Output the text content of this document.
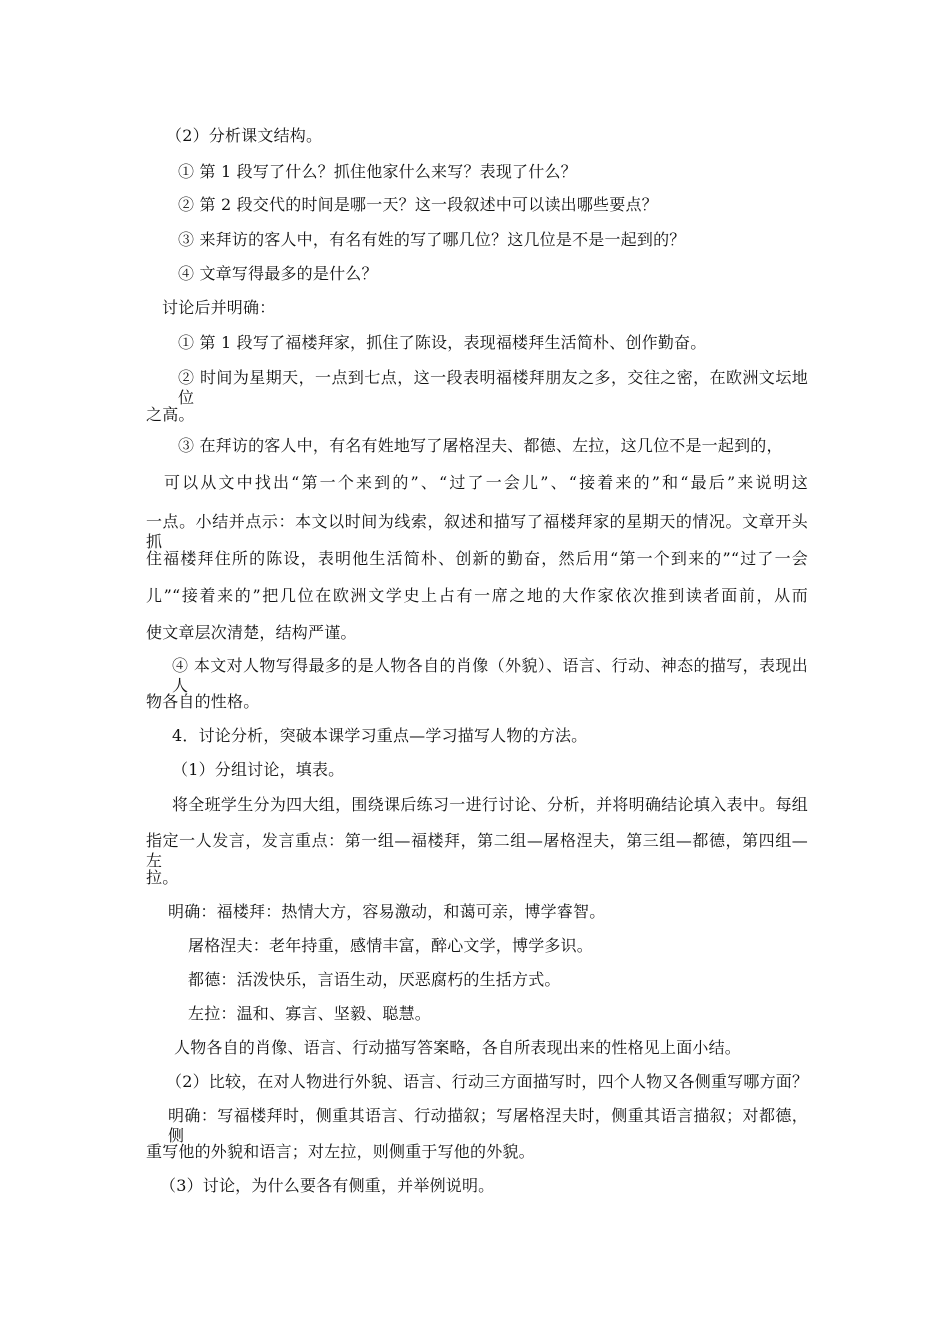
（2）分析课文结构。
① 第 1 段写了什么？抓住他家什么来写？表现了什么？
② 第 2 段交代的时间是哪一天？这一段叙述中可以读出哪些要点？
③ 来拜访的客人中，有名有姓的写了哪几位？这几位是不是一起到的？
④ 文章写得最多的是什么？
讨论后并明确：
① 第 1 段写了福楼拜家，抓住了陈设，表现福楼拜生活简朴、创作勤奋。
② 时间为星期天，一点到七点，这一段表明福楼拜朋友之多，交往之密，在欧洲文坛地位
之高。
③ 在拜访的客人中，有名有姓地写了屠格涅夫、都德、左拉，这几位不是一起到的，
可以从文中找出“第一个来到的”、“过了一会儿”、“接着来的”和“最后”来说明这
一点。小结并点示：本文以时间为线索，叙述和描写了福楼拜家的星期天的情况。文章开头抓
住福楼拜住所的陈设，表明他生活简朴、创新的勤奋，然后用“第一个到来的”“过了一会
儿”“接着来的”把几位在欧洲文学史上占有一席之地的大作家依次推到读者面前，从而
使文章层次清楚，结构严谨。
④ 本文对人物写得最多的是人物各自的肖像（外貌）、语言、行动、神态的描写，表现出人
物各自的性格。
4．讨论分析，突破本课学习重点—学习描写人物的方法。
（1）分组讨论，填表。
将全班学生分为四大组，围绕课后练习一进行讨论、分析，并将明确结论填入表中。每组
指定一人发言，发言重点：第一组—福楼拜，第二组—屠格涅夫，第三组—都德，第四组—左
拉。
明确：福楼拜：热情大方，容易激动，和蔼可亲，博学睿智。
屠格涅夫：老年持重，感情丰富，醉心文学，博学多识。
都德：活泼快乐，言语生动，厌恶腐朽的生括方式。
左拉：温和、寡言、坚毅、聪慧。
人物各自的肖像、语言、行动描写答案略，各自所表现出来的性格见上面小结。
（2）比较，在对人物进行外貌、语言、行动三方面描写时，四个人物又各侧重写哪方面？
明确：写福楼拜时，侧重其语言、行动描叙；写屠格涅夫时，侧重其语言描叙；对都德，侧
重写他的外貌和语言；对左拉，则侧重于写他的外貌。
（3）讨论，为什么要各有侧重，并举例说明。
